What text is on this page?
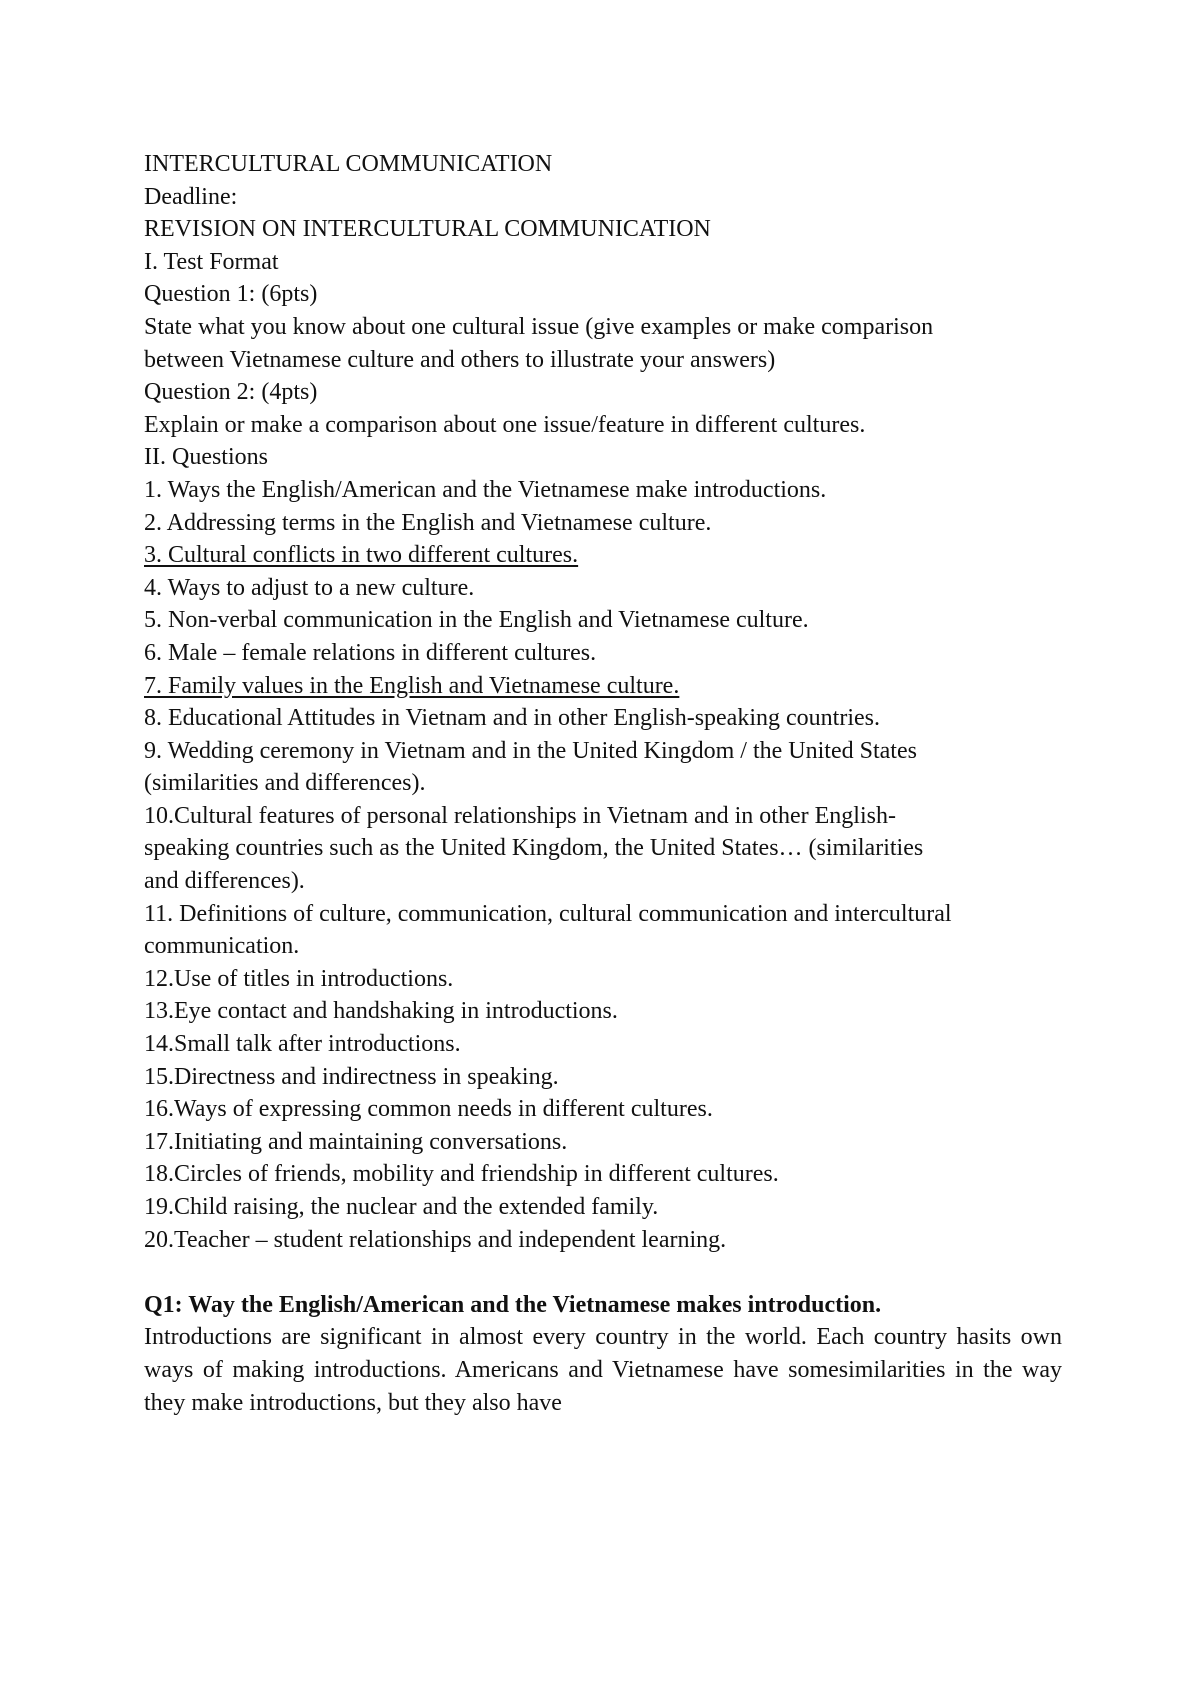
INTERCULTURAL COMMUNICATION
Deadline:
REVISION ON INTERCULTURAL COMMUNICATION
I. Test Format
Question 1: (6pts)
State what you know about one cultural issue (give examples or make comparison
between Vietnamese culture and others to illustrate your answers)
Question 2: (4pts)
Explain or make a comparison about one issue/feature in different cultures.
II. Questions
1. Ways the English/American and the Vietnamese make introductions.
2. Addressing terms in the English and Vietnamese culture.
3. Cultural conflicts in two different cultures.
4. Ways to adjust to a new culture.
5. Non-verbal communication in the English and Vietnamese culture.
6. Male – female relations in different cultures.
7. Family values in the English and Vietnamese culture.
8. Educational Attitudes in Vietnam and in other English-speaking countries.
9. Wedding ceremony in Vietnam and in the United Kingdom / the United States
(similarities and differences).
10.Cultural features of personal relationships in Vietnam and in other English-
speaking countries such as the United Kingdom, the United States… (similarities
and differences).
11. Definitions of culture, communication, cultural communication and intercultural
communication.
12.Use of titles in introductions.
13.Eye contact and handshaking in introductions.
14.Small talk after introductions.
15.Directness and indirectness in speaking.
16.Ways of expressing common needs in different cultures.
17.Initiating and maintaining conversations.
18.Circles of friends, mobility and friendship in different cultures.
19.Child raising, the nuclear and the extended family.
20.Teacher – student relationships and independent learning.
Q1: Way the English/American and the Vietnamese makes introduction.

Introductions are significant in almost every country in the world. Each country hasits own ways of making introductions. Americans and Vietnamese have somesimilarities in the way they make introductions, but they also have
